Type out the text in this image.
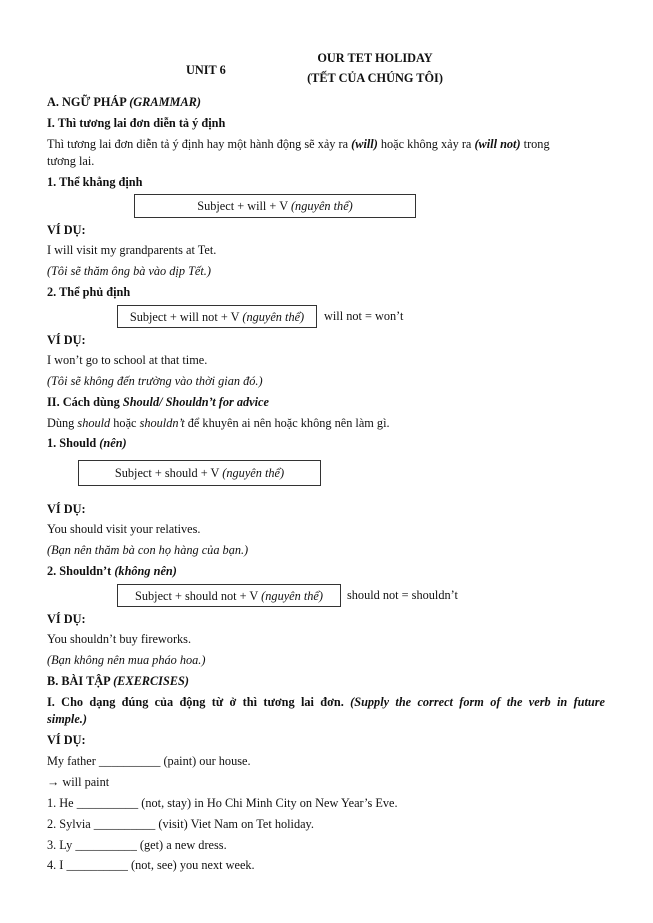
UNIT 6
OUR TET HOLIDAY
(TẾT CỦA CHÚNG TÔI)
A. NGỮ PHÁP (GRAMMAR)
I. Thì tương lai đơn diễn tả ý định
Thì tương lai đơn diễn tả ý định hay một hành động sẽ xảy ra (will) hoặc không xảy ra (will not) trong
tương lai.
1. Thể khẳng định
Subject + will + V (nguyên thể)
VÍ DỤ:
I will visit my grandparents at Tet.
(Tôi sẽ thăm ông bà vào dịp Tết.)
2. Thể phủ định
Subject + will not + V (nguyên thể)	will not = won’t
VÍ DỤ:
I won’t go to school at that time.
(Tôi sẽ không đến trường vào thời gian đó.)
II. Cách dùng Should/ Shouldn’t for advice
Dùng should hoặc shouldn’t để khuyên ai nên hoặc không nên làm gì.
1. Should (nên)
Subject + should + V (nguyên thể)
VÍ DỤ:
You should visit your relatives.
(Bạn nên thăm bà con họ hàng của bạn.)
2. Shouldn’t (không nên)
Subject + should not + V (nguyên thể)	should not = shouldn’t
VÍ DỤ:
You shouldn’t buy fireworks.
(Bạn không nên mua pháo hoa.)
B. BÀI TẬP (EXERCISES)
I. Cho dạng đúng của động từ ở thì tương lai đơn. (Supply the correct form of the verb in future
simple.)
VÍ DỤ:
My father __________ (paint) our house.
→ will paint
1. He __________ (not, stay) in Ho Chi Minh City on New Year’s Eve.
2. Sylvia __________ (visit) Viet Nam on Tet holiday.
3. Ly __________ (get) a new dress.
4. I __________ (not, see) you next week.
